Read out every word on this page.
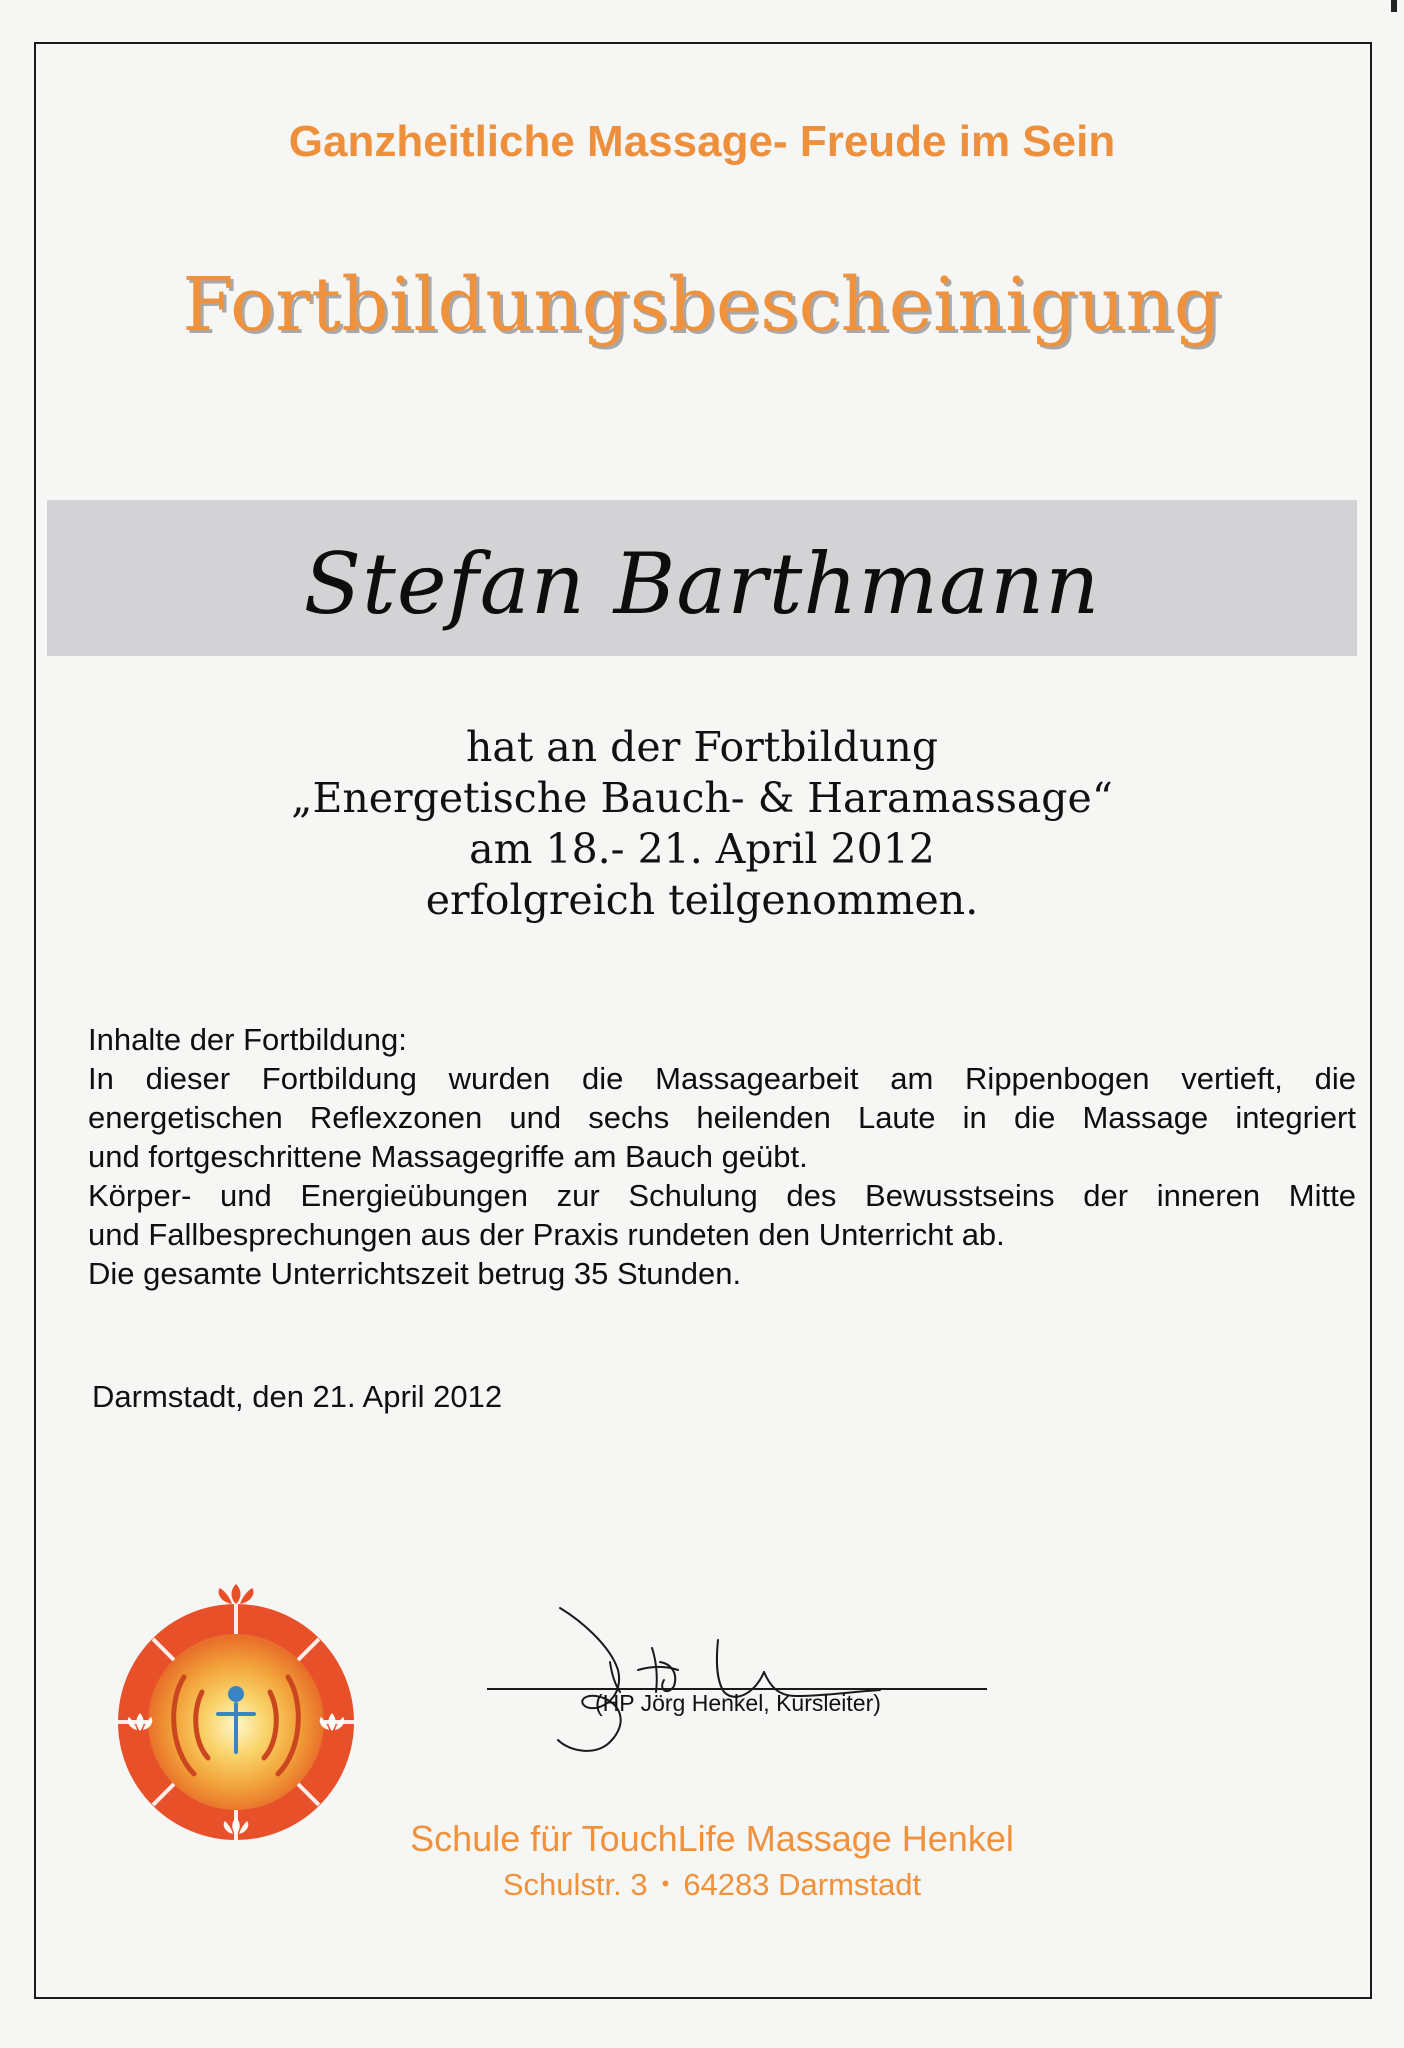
Ganzheitliche Massage- Freude im Sein
Fortbildungsbescheinigung
Stefan Barthmann
hat an der Fortbildung
„Energetische Bauch- & Haramassage“
am 18.- 21. April 2012
erfolgreich teilgenommen.
Inhalte der Fortbildung:
In dieser Fortbildung wurden die Massagearbeit am Rippenbogen vertieft, die
energetischen Reflexzonen und sechs heilenden Laute in die Massage integriert
und fortgeschrittene Massagegriffe am Bauch geübt.
Körper- und Energieübungen zur Schulung des Bewusstseins der inneren Mitte
und Fallbesprechungen aus der Praxis rundeten den Unterricht ab.
Die gesamte Unterrichtszeit betrug 35 Stunden.
Darmstadt, den 21. April 2012
(HP Jörg Henkel, Kursleiter)
Schule für TouchLife Massage Henkel
Schulstr. 3 • 64283 Darmstadt
